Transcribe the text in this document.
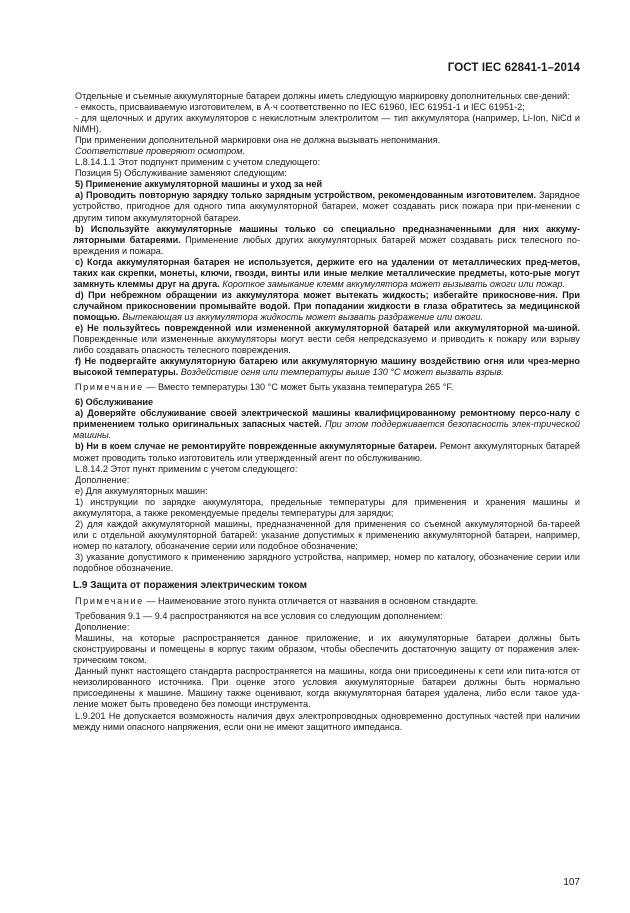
ГОСТ IEC 62841-1–2014

Отдельные и съемные аккумуляторные батареи должны иметь следующую маркировку дополнительных све-дений:

- емкость, присваиваемую изготовителем, в А·ч соответственно по IEC 61960, IEC 61951-1 и IEC 61951-2;

- для щелочных и других аккумуляторов с некислотным электролитом — тип аккумулятора (например, Li-Ion, NiCd и NiMH).

При применении дополнительной маркировки она не должна вызывать непонимания.

Соответствие проверяют осмотром.

L.8.14.1.1 Этот подпункт применим с учетом следующего:

Позиция 5) Обслуживание заменяют следующим:

5) Применение аккумуляторной машины и уход за ней

а) Проводить повторную зарядку только зарядным устройством, рекомендованным изготовителем. Зарядное устройство, пригодное для одного типа аккумуляторной батареи, может создавать риск пожара при при-менении с другим типом аккумуляторной батареи.

b) Используйте аккумуляторные машины только со специально предназначенными для них аккуму-ляторными батареями. Применение любых других аккумуляторных батарей может создавать риск телесного по-вреждения и пожара.

c) Когда аккумуляторная батарея не используется, держите его на удалении от металлических пред-метов, таких как скрепки, монеты, ключи, гвозди, винты или иные мелкие металлические предметы, кото-рые могут замкнуть клеммы друг на друга. Короткое замыкание клемм аккумулятора может вызывать ожоги или пожар.

d) При небрежном обращении из аккумулятора может вытекать жидкость; избегайте прикоснове-ния. При случайном прикосновении промывайте водой. При попадании жидкости в глаза обратитесь за медицинской помощью. Вытекающая из аккумулятора жидкость может вызвать раздражение или ожоги.

e) Не пользуйтесь поврежденной или измененной аккумуляторной батарей или аккумуляторной ма-шиной. Поврежденные или измененные аккумуляторы могут вести себя непредсказуемо и приводить к пожару или взрыву либо создавать опасность телесного повреждения.

f) Не подвергайте аккумуляторную батарею или аккумуляторную машину воздействию огня или чрез-мерно высокой температуры. Воздействие огня или температуры выше 130 °С может вызвать взрыв.

Примечание — Вместо температуры 130 °С может быть указана температура 265 °F.

6) Обслуживание

а) Доверяйте обслуживание своей электрической машины квалифицированному ремонтному персо-налу с применением только оригинальных запасных частей. При этом поддерживается безопасность элек-трической машины.

b) Ни в коем случае не ремонтируйте поврежденные аккумуляторные батареи. Ремонт аккумуляторных батарей может проводить только изготовитель или утвержденный агент по обслуживанию.

L.8.14.2 Этот пункт применим с учетом следующего:

Дополнение:

е) Для аккумуляторных машин:

1) инструкции по зарядке аккумулятора, предельные температуры для применения и хранения машины и аккумулятора, а также рекомендуемые пределы температуры для зарядки;

2) для каждой аккумуляторной машины, предназначенной для применения со съемной аккумуляторной ба-тареей или с отдельной аккумуляторной батарей: указание допустимых к применению аккумуляторной батареи, например, номер по каталогу, обозначение серии или подобное обозначение;

3) указание допустимого к применению зарядного устройства, например, номер по каталогу, обозначение серии или подобное обозначение.

L.9 Защита от поражения электрическим током

Примечание — Наименование этого пункта отличается от названия в основном стандарте.

Требования 9.1 — 9.4 распространяются на все условия со следующим дополнением:

Дополнение:

Машины, на которые распространяется данное приложение, и их аккумуляторные батареи должны быть сконструированы и помещены в корпус таким образом, чтобы обеспечить достаточную защиту от поражения элек-трическим током.

Данный пункт настоящего стандарта распространяется на машины, когда они присоединены к сети или пита-ются от неизолированного источника. При оценке этого условия аккумуляторные батареи должны быть нормально присоединены к машине. Машину также оценивают, когда аккумуляторная батарея удалена, либо если такое уда-ление может быть проведено без помощи инструмента.

L.9.201 Не допускается возможность наличия двух электропроводных одновременно доступных частей при наличии между ними опасного напряжения, если они не имеют защитного импеданса.

107
